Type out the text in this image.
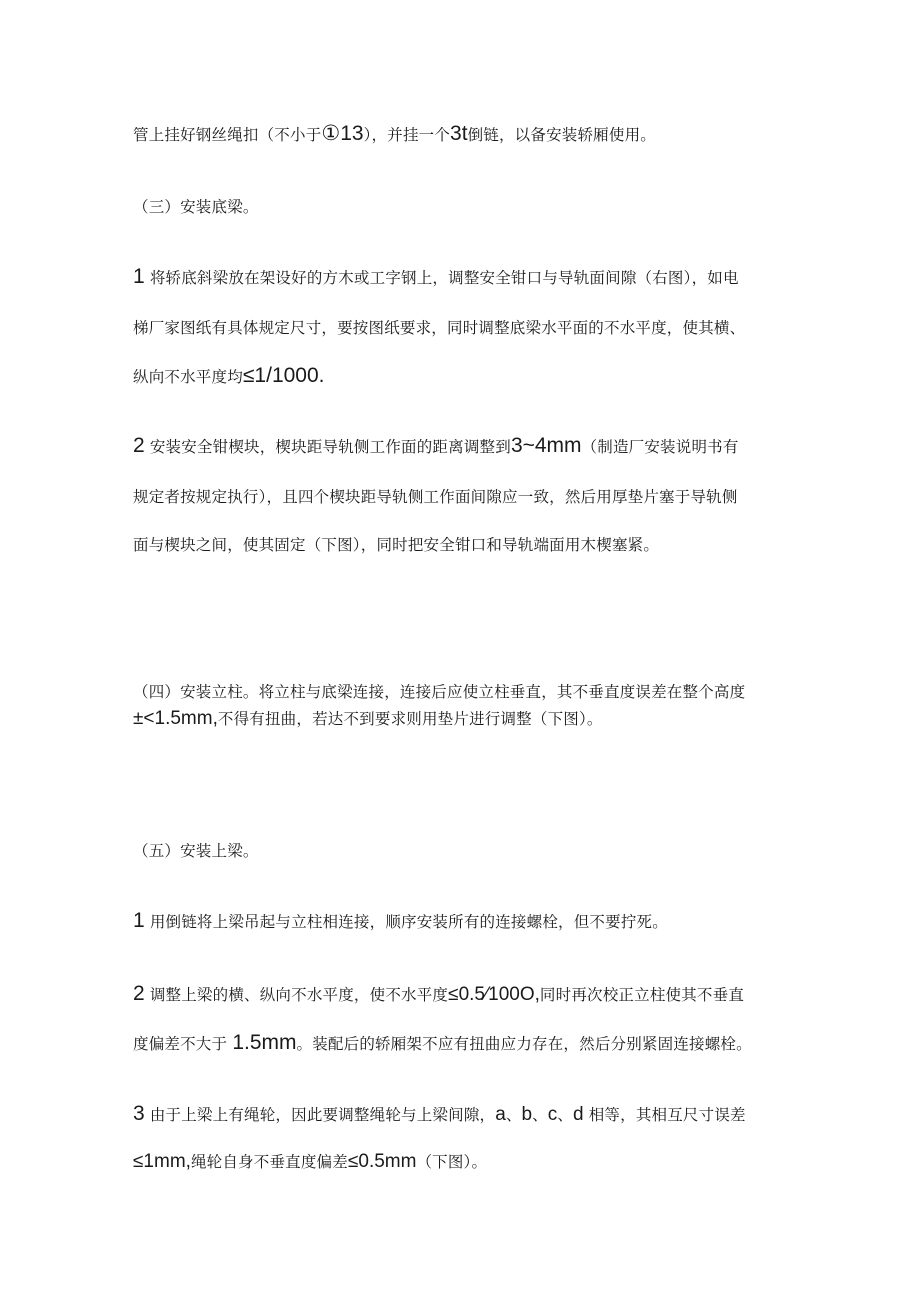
管上挂好钢丝绳扣（不小于①13），并挂一个3t倒链，以备安装轿厢使用。
（三）安装底梁。
1 将轿底斜梁放在架设好的方木或工字钢上，调整安全钳口与导轨面间隙（右图），如电
梯厂家图纸有具体规定尺寸，要按图纸要求，同时调整底梁水平面的不水平度，使其横、
纵向不水平度均≤1/1000.
2 安装安全钳楔块，楔块距导轨侧工作面的距离调整到3~4mm（制造厂安装说明书有
规定者按规定执行），且四个楔块距导轨侧工作面间隙应一致，然后用厚垫片塞于导轨侧
面与楔块之间，使其固定（下图），同时把安全钳口和导轨端面用木楔塞紧。
（四）安装立柱。将立柱与底梁连接，连接后应使立柱垂直，其不垂直度误差在整个高度
±<1.5mm,不得有扭曲，若达不到要求则用垫片进行调整（下图）。
（五）安装上梁。
1 用倒链将上梁吊起与立柱相连接，顺序安装所有的连接螺栓，但不要拧死。
2 调整上梁的横、纵向不水平度，使不水平度≤0.5⁄100O,同时再次校正立柱使其不垂直
度偏差不大于 1.5mm。装配后的轿厢架不应有扭曲应力存在，然后分别紧固连接螺栓。
3 由于上梁上有绳轮，因此要调整绳轮与上梁间隙，a、b、c、d 相等，其相互尺寸误差
≤1mm,绳轮自身不垂直度偏差≤0.5mm（下图）。
